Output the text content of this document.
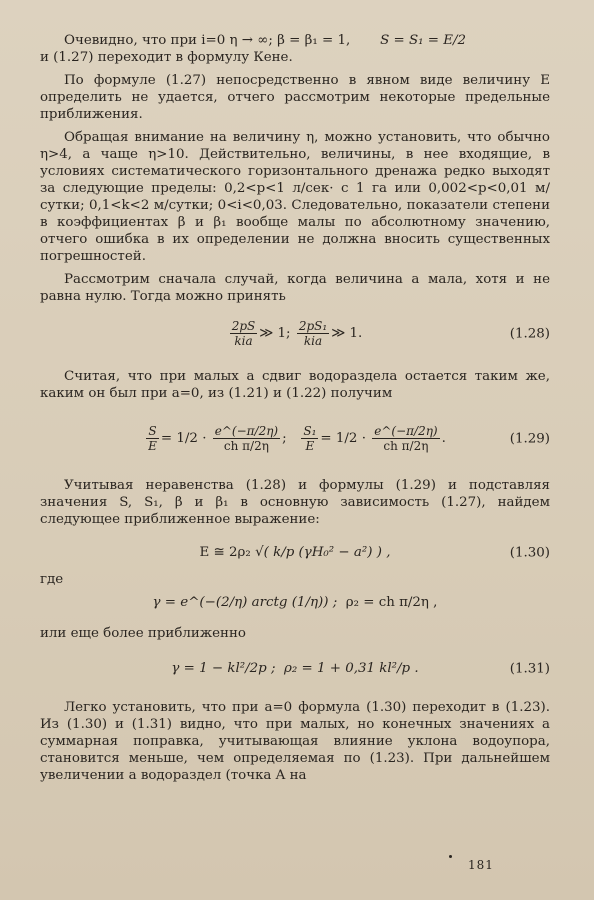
Очевидно, что при i=0 η → ∞; β = β₁ = 1, S = S₁ = E/2

и (1.27) переходит в формулу Кене.

По формуле (1.27) непосредственно в явном виде величину E определить не удается, отчего рассмотрим некоторые предельные приближения.

Обращая внимание на величину η, можно установить, что обычно η>4, а чаще η>10. Действительно, величины, в нее входящие, в условиях систематического горизонтального дренажа редко выходят за следующие пределы: 0,2<p<1 л/сек· с 1 га или 0,002<p<0,01 м/сутки; 0,1<k<2 м/сутки; 0<i<0,03. Следовательно, показатели степени в коэффициентах β и β₁ вообще малы по абсолютному значению, отчего ошибка в их определении не должна вносить существенных погрешностей.

Рассмотрим сначала случай, когда величина a мала, хотя и не равна нулю. Тогда можно принять

$\frac{2pS}{\text{kia}}$ ≫ 1;
$\frac{\text{2pS₁}}{\text{kia}}$ ≫ 1.	(1.28)

Считая, что при малых a сдвиг водораздела остается таким же, каким он был при a=0, из (1.21) и (1.22) получим

$\frac{S}{E}$ =
1/2 ·
$\frac{e\^{}(-\pi/2\eta)}{\text{ch π/2η}}$ ;
$\frac{\text{S₁}}{E}$ =
1/2 ·
$\frac{e\^{}(-\pi/2\eta)}{\text{ch π/2η}}$ .	(1.29)

Учитывая неравенства (1.28) и формулы (1.29) и подставляя значения S, S₁, β и β₁ в основную зависимость (1.27), найдем следующее приближенное выражение:

E ≅ 2ρ₂
√( k/p (γH₀² − a²) ) ,	(1.30)

где

γ = e^(−(2/η) arctg (1/η)) ;
ρ₂ = ch π/2η ,

или еще более приближенно

γ = 1 − kl²/2p ;
ρ₂ = 1 + 0,31 kl²/p .	(1.31)

Легко установить, что при a=0 формула (1.30) переходит в (1.23). Из (1.30) и (1.31) видно, что при малых, но конечных значениях a суммарная поправка, учитывающая влияние уклона водоупора, становится меньше, чем определяемая по (1.23). При дальнейшем увеличении a водораздел (точка A на

181
